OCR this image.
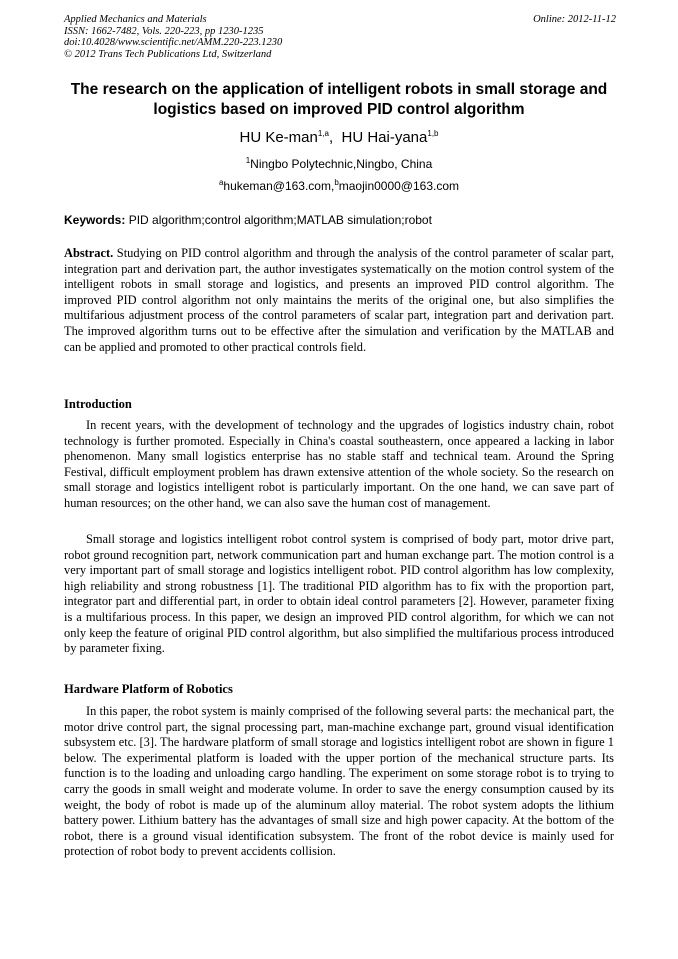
Applied Mechanics and Materials
ISSN: 1662-7482, Vols. 220-223, pp 1230-1235
doi:10.4028/www.scientific.net/AMM.220-223.1230
© 2012 Trans Tech Publications Ltd, Switzerland
Online: 2012-11-12
The research on the application of intelligent robots in small storage and logistics based on improved PID control algorithm
HU Ke-man$^{1,a}$,  HU Hai-yana$^{1,b}$
$^1$Ningbo Polytechnic,Ningbo, China
$^a$hukeman@163.com,$^b$maojin0000@163.com
Keywords: PID algorithm;control algorithm;MATLAB simulation;robot
Abstract. Studying on PID control algorithm and through the analysis of the control parameter of scalar part, integration part and derivation part, the author investigates systematically on the motion control system of the intelligent robots in small storage and logistics, and presents an improved PID control algorithm. The improved PID control algorithm not only maintains the merits of the original one, but also simplifies the multifarious adjustment process of the control parameters of scalar part, integration part and derivation part. The improved algorithm turns out to be effective after the simulation and verification by the MATLAB and can be applied and promoted to other practical controls field.
Introduction
In recent years, with the development of technology and the upgrades of logistics industry chain, robot technology is further promoted. Especially in China's coastal southeastern, once appeared a lacking in labor phenomenon. Many small logistics enterprise has no stable staff and technical team. Around the Spring Festival, difficult employment problem has drawn extensive attention of the whole society. So the research on small storage and logistics intelligent robot is particularly important. On the one hand, we can save part of human resources; on the other hand, we can also save the human cost of management.
Small storage and logistics intelligent robot control system is comprised of body part, motor drive part, robot ground recognition part, network communication part and human exchange part. The motion control is a very important part of small storage and logistics intelligent robot. PID control algorithm has low complexity, high reliability and strong robustness [1]. The traditional PID algorithm has to fix with the proportion part, integrator part and differential part, in order to obtain ideal control parameters [2]. However, parameter fixing is a multifarious process. In this paper, we design an improved PID control algorithm, for which we can not only keep the feature of original PID control algorithm, but also simplified the multifarious process introduced by parameter fixing.
Hardware Platform of Robotics
In this paper, the robot system is mainly comprised of the following several parts: the mechanical part, the motor drive control part, the signal processing part, man-machine exchange part, ground visual identification subsystem etc. [3]. The hardware platform of small storage and logistics intelligent robot are shown in figure 1 below. The experimental platform is loaded with the upper portion of the mechanical structure parts. Its function is to the loading and unloading cargo handling. The experiment on some storage robot is to trying to carry the goods in small weight and moderate volume. In order to save the energy consumption caused by its weight, the body of robot is made up of the aluminum alloy material. The robot system adopts the lithium battery power. Lithium battery has the advantages of small size and high power capacity. At the bottom of the robot, there is a ground visual identification subsystem. The front of the robot device is mainly used for protection of robot body to prevent accidents collision.
